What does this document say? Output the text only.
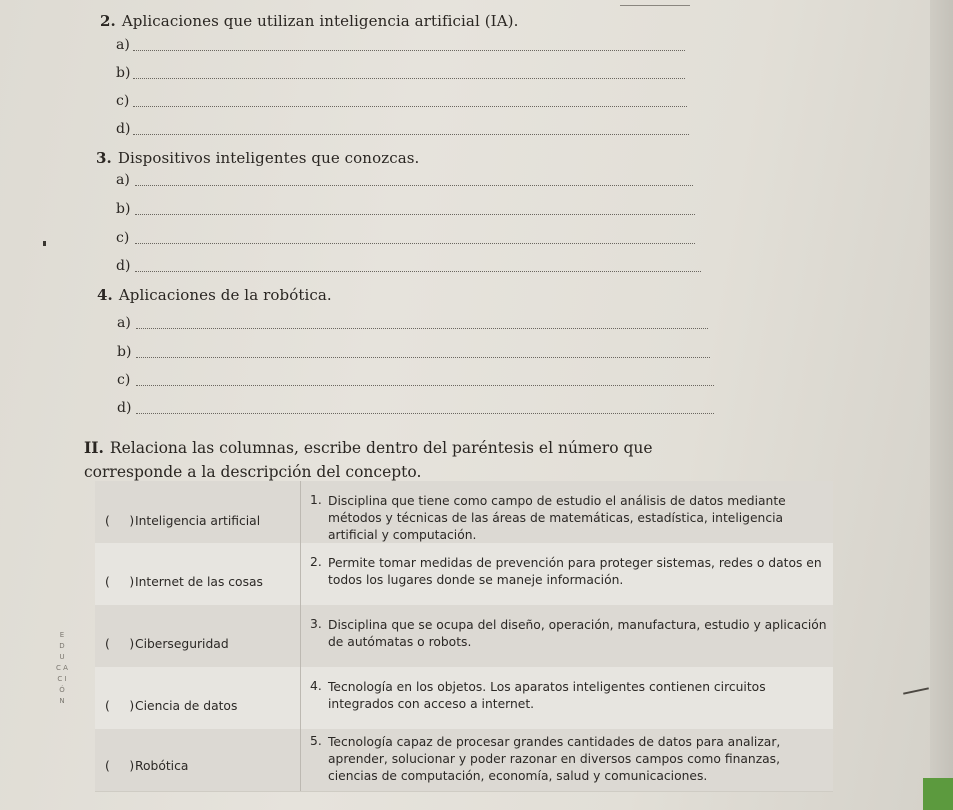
E D U C A C I Ó N
2. Aplicaciones que utilizan inteligencia artificial (IA).
a)
b)
c)
d)
3. Dispositivos inteligentes que conozcas.
a)
b)
c)
d)
4. Aplicaciones de la robótica.
a)
b)
c)
d)
II. Relaciona las columnas, escribe dentro del paréntesis el número que corresponde a la descripción del concepto.
(     ) Inteligencia artificial
1. Disciplina que tiene como campo de estudio el análisis de datos mediante métodos y técnicas de las áreas de matemáticas, estadística, inteligencia artificial y computación.
(     ) Internet de las cosas
2. Permite tomar medidas de prevención para proteger sistemas, redes o datos en todos los lugares donde se maneje información.
(     ) Ciberseguridad
3. Disciplina que se ocupa del diseño, operación, manufactura, estudio y aplicación de autómatas o robots.
(     ) Ciencia de datos
4. Tecnología en los objetos. Los aparatos inteligentes contienen circuitos integrados con acceso a internet.
(     ) Robótica
5. Tecnología capaz de procesar grandes cantidades de datos para analizar, aprender, solucionar y poder razonar en diversos campos como finanzas, ciencias de computación, economía, salud y comunicaciones.
